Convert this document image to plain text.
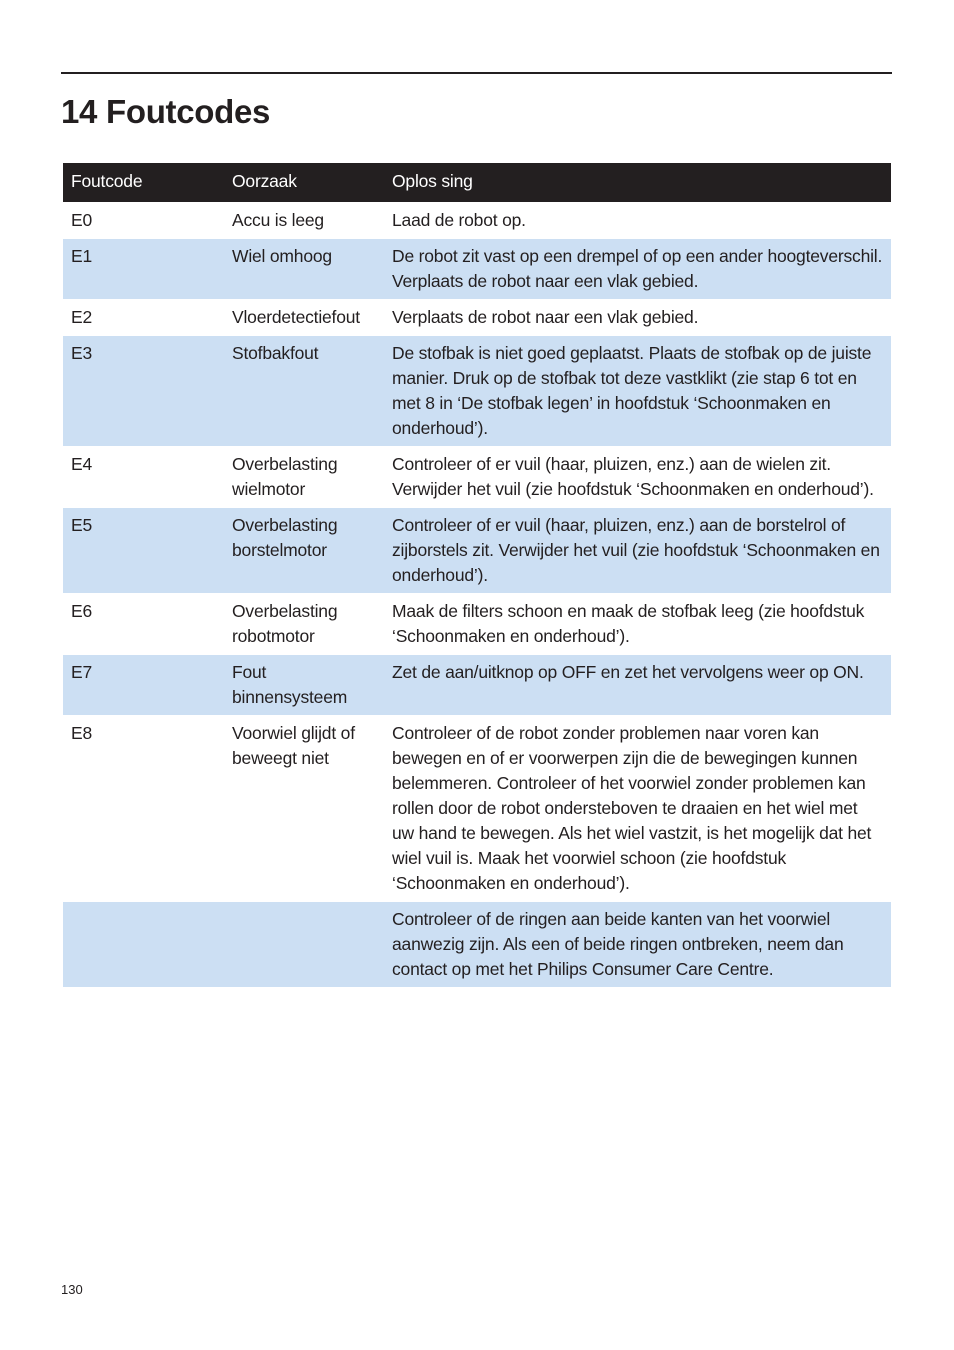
14 Foutcodes
Foutcode	Oorzaak	Oplos sing
E0	Accu is leeg	Laad de robot op.
E1	Wiel omhoog	De robot zit vast op een drempel of op een ander hoogteverschil. Verplaats de robot naar een vlak gebied.
E2	Vloerdetectiefout	Verplaats de robot naar een vlak gebied.
E3	Stofbakfout	De stofbak is niet goed geplaatst. Plaats de stofbak op de juiste manier. Druk op de stofbak tot deze vastklikt (zie stap 6 tot en met 8 in ‘De stofbak legen’ in hoofdstuk ‘Schoonmaken en onderhoud’).
E4	Overbelasting wielmotor	Controleer of er vuil (haar, pluizen, enz.) aan de wielen zit. Verwijder het vuil (zie hoofdstuk ‘Schoonmaken en onderhoud’).
E5	Overbelasting borstelmotor	Controleer of er vuil (haar, pluizen, enz.) aan de borstelrol of zijborstels zit. Verwijder het vuil (zie hoofdstuk ‘Schoonmaken en onderhoud’).
E6	Overbelasting robotmotor	Maak de filters schoon en maak de stofbak leeg (zie hoofdstuk ‘Schoonmaken en onderhoud’).
E7	Fout binnensysteem	Zet de aan/uitknop op OFF en zet het vervolgens weer op ON.
E8	Voorwiel glijdt of beweegt niet	Controleer of de robot zonder problemen naar voren kan bewegen en of er voorwerpen zijn die de bewegingen kunnen belemmeren. Controleer of het voorwiel zonder problemen kan rollen door de robot ondersteboven te draaien en het wiel met uw hand te bewegen. Als het wiel vastzit, is het mogelijk dat het wiel vuil is. Maak het voorwiel schoon (zie hoofdstuk ‘Schoonmaken en onderhoud’).
		Controleer of de ringen aan beide kanten van het voorwiel aanwezig zijn. Als een of beide ringen ontbreken, neem dan contact op met het Philips Consumer Care Centre.
130
